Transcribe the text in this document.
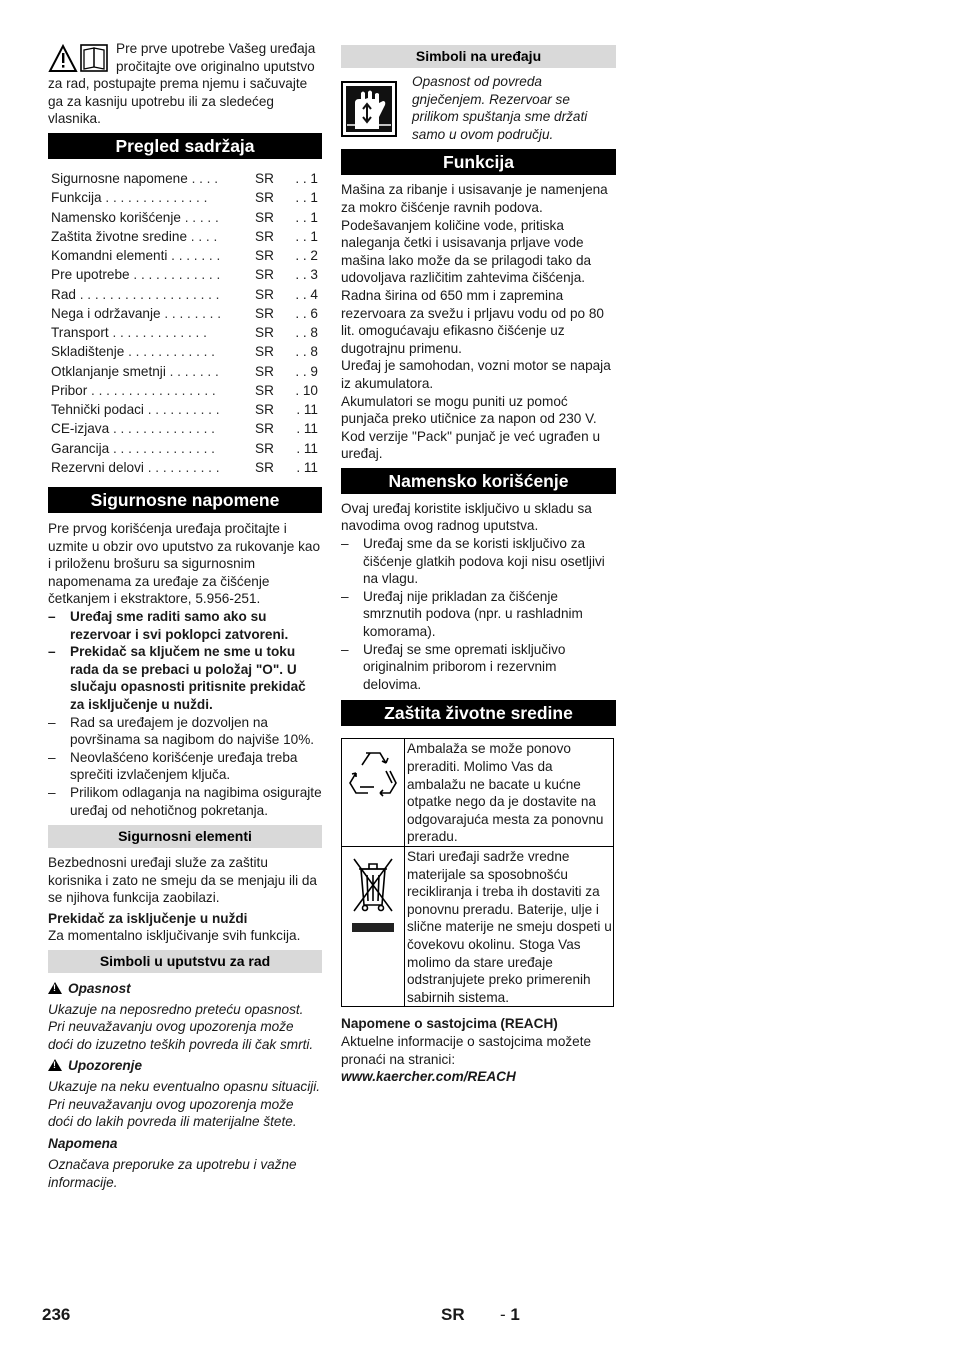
Pre prve upotrebe Vašeg uređaja pročitajte ove originalno uputstvo za rad, postupajte prema njemu i sačuvajte ga za kasniju upotrebu ili za sledećeg vlasnika.

Pregled sadržaja
Sigurnosne napomene . . . .	SR	. . 1
Funkcija . . . . . . . . . . . . . .	SR	. . 1
Namensko korišćenje . . . . .	SR	. . 1
Zaštita životne sredine . . . .	SR	. . 1
Komandni elementi . . . . . . .	SR	. . 2
Pre upotrebe . . . . . . . . . . . .	SR	. . 3
Rad . . . . . . . . . . . . . . . . . . .	SR	. . 4
Nega i održavanje . . . . . . . .	SR	. . 6
Transport . . . . . . . . . . . . .	SR	. . 8
Skladištenje . . . . . . . . . . . .	SR	. . 8
Otklanjanje smetnji . . . . . . .	SR	. . 9
Pribor . . . . . . . . . . . . . . . . .	SR	. 10
Tehnički podaci . . . . . . . . . .	SR	. 11
CE-izjava . . . . . . . . . . . . . .	SR	. 11
Garancija . . . . . . . . . . . . . .	SR	. 11
Rezervni delovi . . . . . . . . . .	SR	. 11
Sigurnosne napomene

Pre prvog korišćenja uređaja pročitajte i uzmite u obzir ovo uputstvo za rukovanje kao i priloženu brošuru sa sigurnosnim napomenama za uređaje za čišćenje četkanjem i ekstraktore, 5.956-251.

– Uređaj sme raditi samo ako su rezervoar i svi poklopci zatvoreni.
– Prekidač sa ključem ne sme u toku rada da se prebaci u položaj "O". U slučaju opasnosti pritisnite prekidač za isključenje u nuždi.
– Rad sa uređajem je dozvoljen na površinama sa nagibom do najviše 10%.
– Neovlašćeno korišćenje uređaja treba sprečiti izvlačenjem ključa.
– Prilikom odlaganja na nagibima osigurajte uređaj od nehotičnog pokretanja.
Sigurnosni elementi

Bezbednosni uređaji služe za zaštitu korisnika i zato ne smeju da se menjaju ili da se njihova funkcija zaobilazi.

Prekidač za isključenje u nuždi

Za momentalno isključivanje svih funkcija.

Simboli u uputstvu za rad

!Opasnost

Ukazuje na neposredno preteću opasnost. Pri neuvažavanju ovog upozorenja može doći do izuzetno teških povreda ili čak smrti.

!Upozorenje

Ukazuje na neku eventualno opasnu situaciji. Pri neuvažavanju ovog upozorenja može doći do lakih povreda ili materijalne štete.

Napomena

Označava preporuke za upotrebu i važne informacije.

Simboli na uređaju

Opasnost od povreda gnječenjem. Rezervoar se prilikom spuštanja sme držati samo u ovom području.

Funkcija

Mašina za ribanje i usisavanje je namenjena za mokro čišćenje ravnih podova.

Podešavanjem količine vode, pritiska naleganja četki i usisavanja prljave vode mašina lako može da se prilagodi tako da udovoljava različitim zahtevima čišćenja.

Radna širina od 650 mm i zapremina rezervoara za svežu i prljavu vodu od po 80 lit. omogućavaju efikasno čišćenje uz dugotrajnu primenu.

Uređaj je samohodan, vozni motor se napaja iz akumulatora.

Akumulatori se mogu puniti uz pomoć punjača preko utičnice za napon od 230 V. Kod verzije "Pack" punjač je već ugrađen u uređaj.

Namensko korišćenje

Ovaj uređaj koristite isključivo u skladu sa navodima ovog radnog uputstva.

– Uređaj sme da se koristi isključivo za čišćenje glatkih podova koji nisu osetljivi na vlagu.
– Uređaj nije prikladan za čišćenje smrznutih podova (npr. u rashladnim komorama).
– Uređaj se sme opremati isključivo originalnim priborom i rezervnim delovima.
Zaštita životne sredine
	Ambalaža se može ponovo preraditi. Molimo Vas da ambalažu ne bacate u kućne otpatke nego da je dostavite na odgovarajuća mesta za ponovnu preradu.
	Stari uređaji sadrže vredne materijale sa sposobnošću recikliranja i treba ih dostaviti za ponovnu preradu. Baterije, ulje i slične materije ne smeju dospeti u čovekovu okolinu. Stoga Vas molimo da stare uređaje odstranjujete preko primerenih sabirnih sistema.

Napomene o sastojcima (REACH)

Aktuelne informacije o sastojcima možete pronaći na stranici:

www.kaercher.com/REACH

236	SR - 1
